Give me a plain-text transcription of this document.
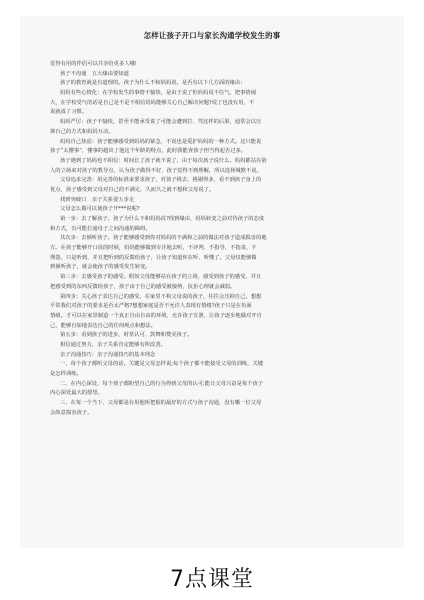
怎样让孩子开口与家长沟通学校发生的事
觉得有用的伴侣可以共享给更多人哦!
孩子不沟通　五大缘由要知道
孩子的教育就是有道理的。孩子为什么不和妈妈说，是否有以下几方面的缘由：
妈妈有些心情化：在学校发生的事情不愉快，是由于说了怕妈妈说不住气，把事情闹
大，在学校受气的话是自己是不是不相信妈妈能够关心自己解决问题?说了也没有用，不
说就成了习惯。
妈妈严厉：孩子不愉快，甚至不能承受说了可能会遭到打、骂这样的后果，通常会以压
抑自己的方式和妈妈互动。
妈妈自己焦虑：孩子能够感受到妈妈的紧急，不说也是爱护妈妈的一种方式。这只能说
孩子“太懂事”，懂事的超出了他这个年龄的特点，此时我能查孩子担当得起否过多。
孩子遇到了妈妈也不相信：时间长了孩子就不说了，由于每次孩子说什么，妈妈都站在别
人的立场来对孩子的教导点，认为孩子做得不好，孩子觉得不到理解，所以选择城默不说。
父母追求完善：用完善的标准来要求孩子，对孩子挑去、挑剔得多，看不到孩子身上的
优点，孩子感受到父母对自己的不满足，久而久之就不想和父母说了。
找到突破口　亲子关系要五步走
父母怎么做可以使孩子开***说呢?
第一步：去了解孩子。孩子为什么不和妈妈说?找到缘由，妈妈转变之前对待孩子的态度
和方式，有可能打通母子之间沟通的障碍。
其次步：去倾听孩子。孩子能够感受到你对妈妈的不满和之前的做法对孩子造成损害的地
方。在孩子能够开口说的时候，妈妈能够做到专注地去听，不评判、不指导、不指责、不
埋怨，只是听到，并且把听到的反馈给孩子，让孩子知道你在听、听懂了。父母仅能够做
到倾听孩子，就会使孩子的感受发生转变。
第三步：去感受孩子的感受。假如父母能够站在孩子的立场，感受到孩子的感受，并且
把感受到的东西反馈给孩子，孩子由于自己的感受被接纳，抗拒心理就会减弱。
第四步：关心孩子表达自己的感受。在家里不和父母说的孩子，往往会压抑自己。想想
平常我们对孩子的要求是否太严格?想想家庭是否不允许人表现有情绪?孩子只是在负面
情绪。才可以在家里制造一个真正自由自由的环境，允许孩子宣泄，让孩子逐步地做对开自
己，能够自如地表达自己的任何观点和想法。
第五步：看到孩子的进步，时常认可、鼓舞和赞美孩子。
相信通过努力，亲子关系肯定能够有所改善。
亲子沟通技巧：亲子沟通技巧的基本理念
一、每个孩子都听父母的话。关键是父母怎样说;每个孩子都不能接受父母的训练，关键
是怎样训练。
二、在内心深处，每个孩子都盼望自己的行为得到父母的认可;能让父母兴奋是每个孩子
内心深处最大的愿望。
三、在每一个当下，父母都是在用他所把握的最好的方式与孩子沟通，没有哪一位父母
会故意损害孩子。
7点课堂
